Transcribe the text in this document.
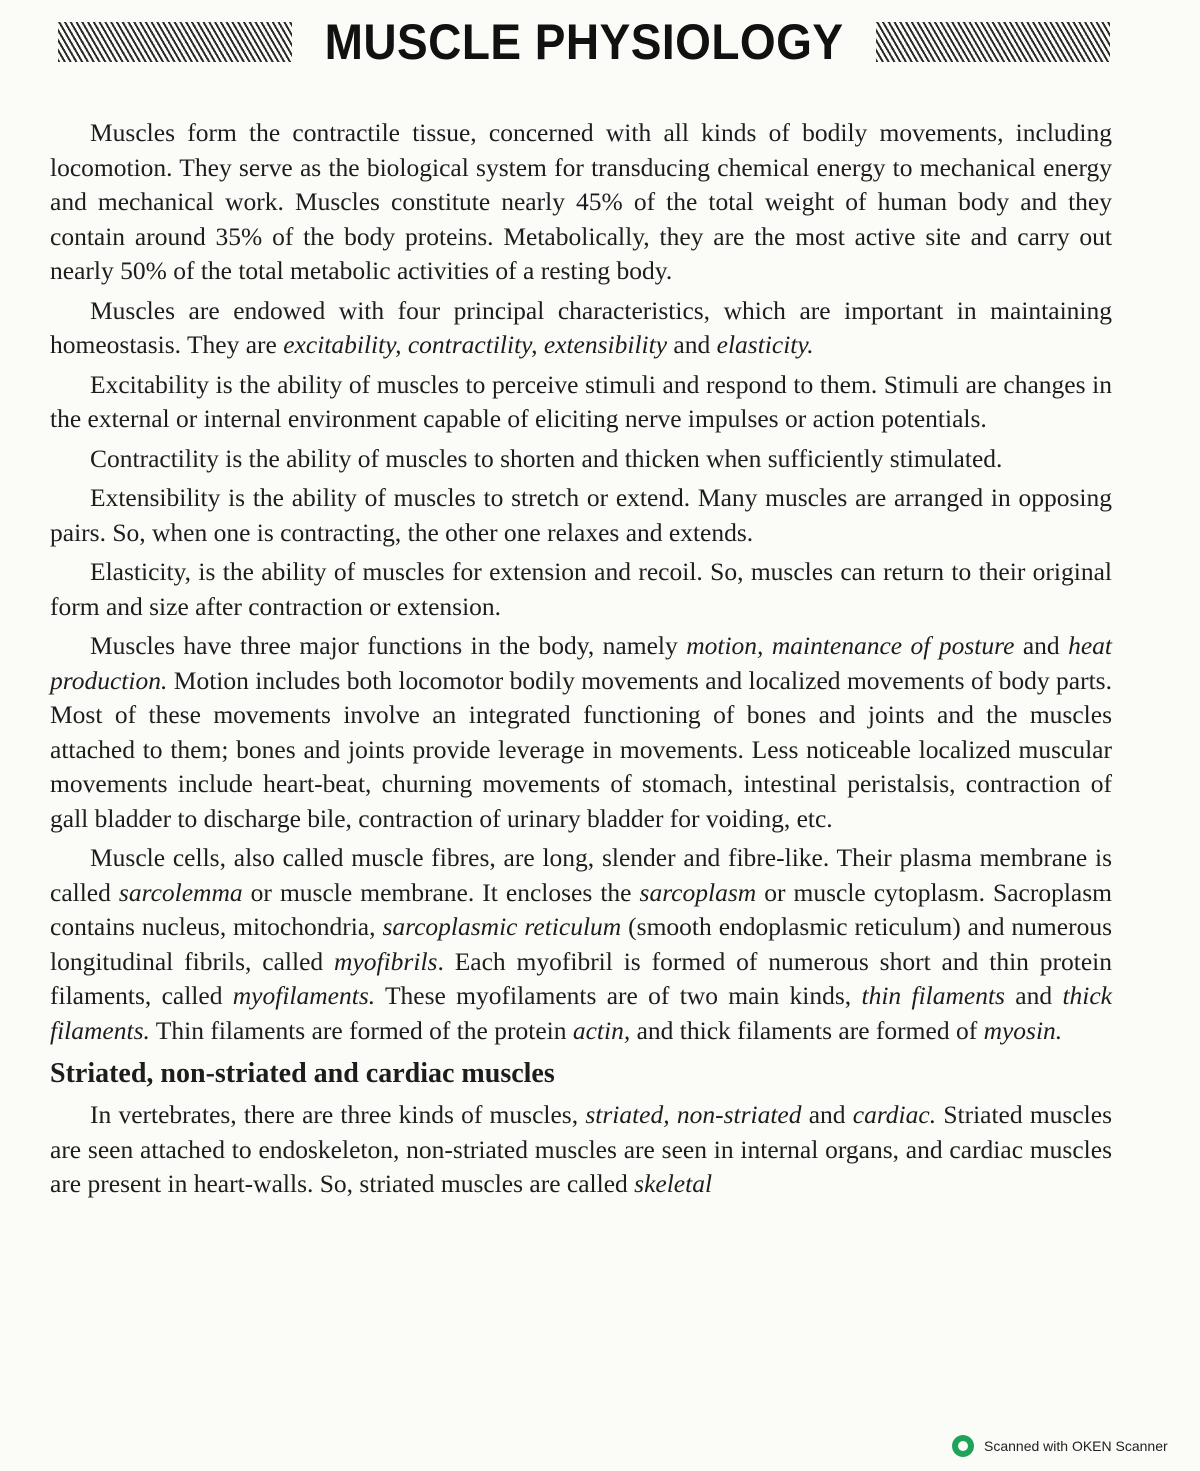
MUSCLE PHYSIOLOGY

Muscles form the contractile tissue, concerned with all kinds of bodily movements, including locomotion. They serve as the biological system for transducing chemical energy to mechanical energy and mechanical work. Muscles constitute nearly 45% of the total weight of human body and they contain around 35% of the body proteins. Metabolically, they are the most active site and carry out nearly 50% of the total metabolic activities of a resting body.

Muscles are endowed with four principal characteristics, which are important in maintaining homeostasis. They are excitability, contractility, extensibility and elasticity.

Excitability is the ability of muscles to perceive stimuli and respond to them. Stimuli are changes in the external or internal environment capable of eliciting nerve impulses or action potentials.

Contractility is the ability of muscles to shorten and thicken when sufficiently stimulated.

Extensibility is the ability of muscles to stretch or extend. Many muscles are arranged in opposing pairs. So, when one is contracting, the other one relaxes and extends.

Elasticity, is the ability of muscles for extension and recoil. So, muscles can return to their original form and size after contraction or extension.

Muscles have three major functions in the body, namely motion, maintenance of posture and heat production. Motion includes both locomotor bodily movements and localized movements of body parts. Most of these movements involve an integrated functioning of bones and joints and the muscles attached to them; bones and joints provide leverage in movements. Less noticeable localized muscular movements include heart-beat, churning movements of stomach, intestinal peristalsis, contraction of gall bladder to discharge bile, contraction of urinary bladder for voiding, etc.

Muscle cells, also called muscle fibres, are long, slender and fibre-like. Their plasma membrane is called sarcolemma or muscle membrane. It encloses the sarcoplasm or muscle cytoplasm. Sacroplasm contains nucleus, mitochondria, sarcoplasmic reticulum (smooth endoplasmic reticulum) and numerous longitudinal fibrils, called myofibrils. Each myofibril is formed of numerous short and thin protein filaments, called myofilaments. These myofilaments are of two main kinds, thin filaments and thick filaments. Thin filaments are formed of the protein actin, and thick filaments are formed of myosin.

Striated, non-striated and cardiac muscles

In vertebrates, there are three kinds of muscles, striated, non-striated and cardiac. Striated muscles are seen attached to endoskeleton, non-striated muscles are seen in internal organs, and cardiac muscles are present in heart-walls. So, striated muscles are called skeletal

Scanned with OKEN Scanner
